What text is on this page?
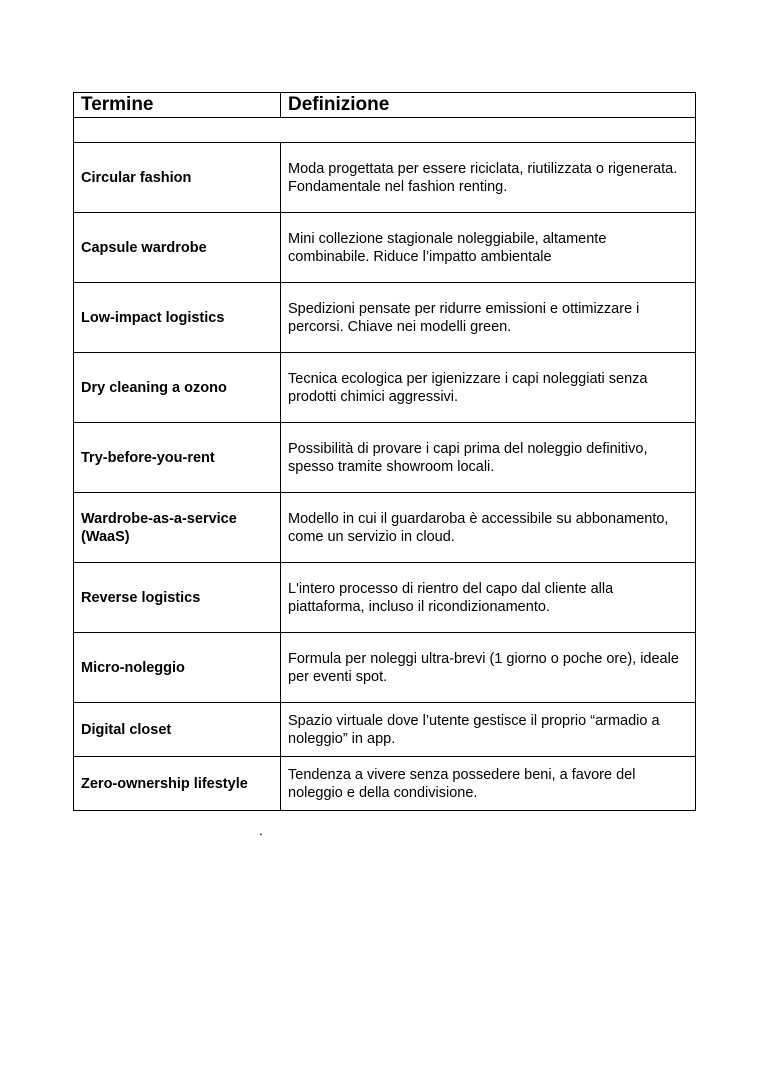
Termine	Definizione

Circular fashion	Moda progettata per essere riciclata, riutilizzata o rigenerata. Fondamentale nel fashion renting.
Capsule wardrobe	Mini collezione stagionale noleggiabile, altamente combinabile. Riduce l’impatto ambientale
Low-impact logistics	Spedizioni pensate per ridurre emissioni e ottimizzare i percorsi. Chiave nei modelli green.
Dry cleaning a ozono	Tecnica ecologica per igienizzare i capi noleggiati senza prodotti chimici aggressivi.
Try-before-you-rent	Possibilità di provare i capi prima del noleggio definitivo, spesso tramite showroom locali.
Wardrobe-as-a-service (WaaS)	Modello in cui il guardaroba è accessibile su abbonamento, come un servizio in cloud.
Reverse logistics	L'intero processo di rientro del capo dal cliente alla piattaforma, incluso il ricondizionamento.
Micro-noleggio	Formula per noleggi ultra-brevi (1 giorno o poche ore), ideale per eventi spot.
Digital closet	Spazio virtuale dove l’utente gestisce il proprio “armadio a noleggio” in app.
Zero-ownership lifestyle	Tendenza a vivere senza possedere beni, a favore del noleggio e della condivisione.
.
